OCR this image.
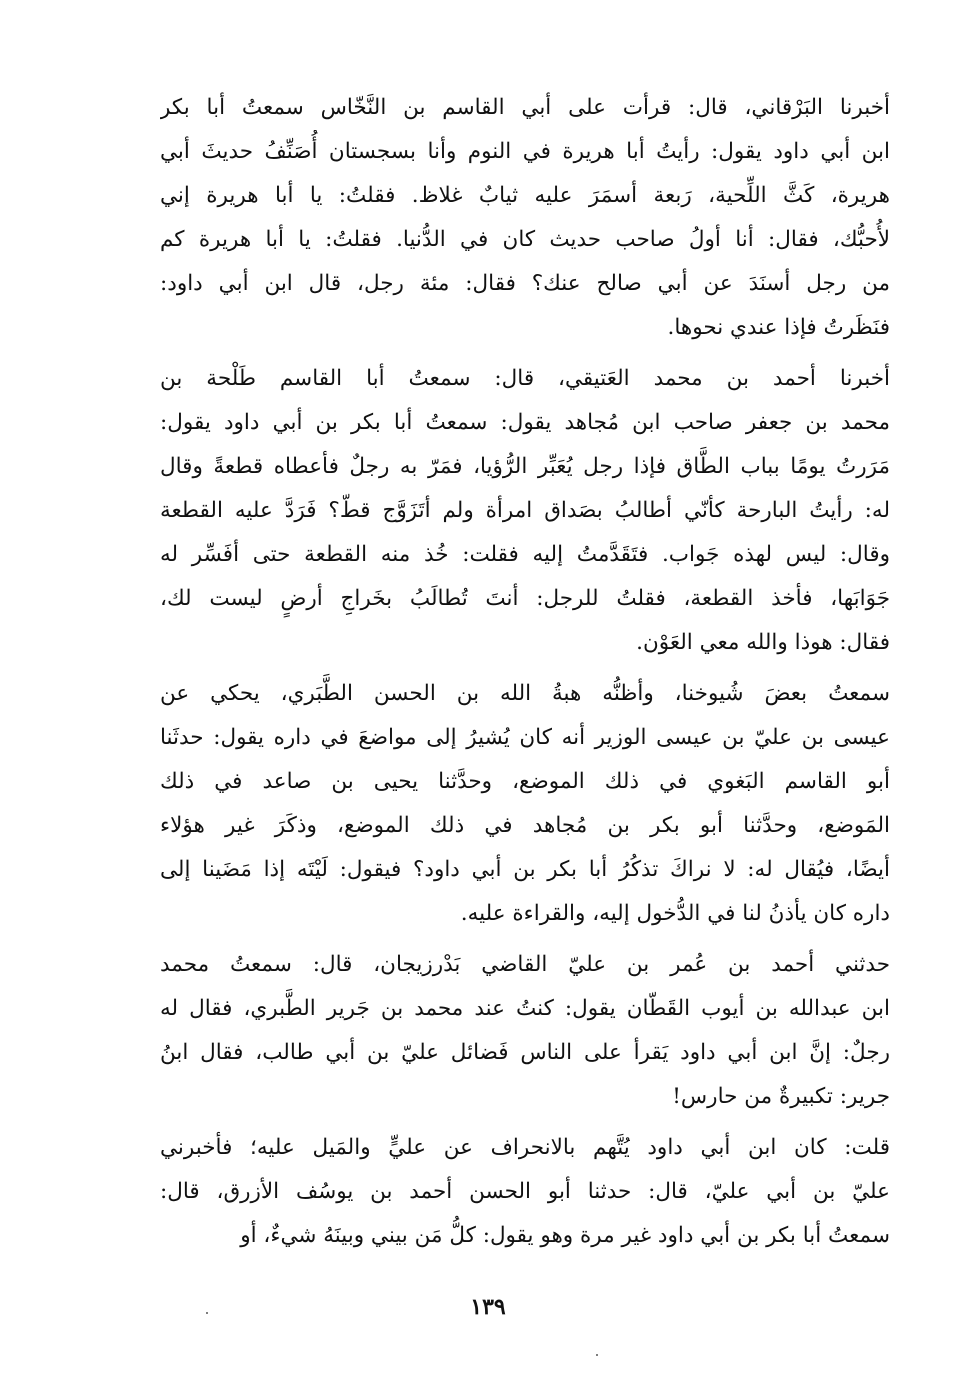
أخبرنا البَرْقاني، قال: قرأت على أبي القاسم بن النَّخّاس سمعتُ أبا بكر
ابن أبي داود يقول: رأيتُ أبا هريرة في النوم وأنا بسجستان أُصَنِّفُ حديثَ أبي
هريرة، كَثَّ اللِّحية، رَبعة أسمَرَ عليه ثيابٌ غلاظ. فقلتُ: يا أبا هريرة إني
لأُحبُّك، فقال: أنا أولُ صاحب حديث كان في الدُّنيا. فقلتُ: يا أبا هريرة كم
من رجل أسنَدَ عن أبي صالح عنك؟ فقال: مئة رجل، قال ابن أبي داود:
فنَظَرتُ فإذا عندي نحوها.
أخبرنا أحمد بن محمد العَتيقي، قال: سمعتُ أبا القاسم طَلْحة بن
محمد بن جعفر صاحب ابن مُجاهد يقول: سمعتُ أبا بكر بن أبي داود يقول:
مَرَرتُ يومًا بباب الطَّاق فإذا رجل يُعَبِّر الرُّؤيا، فمَرّ به رجلٌ فأعطاه قطعةً وقال
له: رأيتُ البارحة كأنّي أطالبُ بصَداق امرأة ولم أتَزَوَّج قطّ؟ فَرَدَّ عليه القطعة
وقال: ليس لهذه جَواب. فتَقَدَّمتُ إليه فقلت: خُذ منه القطعة حتى أفَسِّر له
جَوَابَها، فأخذ القطعة، فقلتُ للرجل: أنتَ تُطالَبُ بخَراجِ أرضٍ ليست لك،
فقال: هوذا والله معي العَوْن.
سمعتُ بعضَ شُيوخنا، وأظنُّه هبةُ الله بن الحسن الطَّبَري، يحكي عن
عيسى بن عليّ بن عيسى الوزير أنه كان يُشيرُ إلى مواضعَ في داره يقول: حدثَنا
أبو القاسم البَغوي في ذلك الموضع، وحدَّثنا يحيى بن صاعد في ذلك
المَوضع، وحدَّثنا أبو بكر بن مُجاهد في ذلك الموضع، وذكَرَ غير هؤلاء
أيضًا، فيُقال له: لا نراكَ تذكُرُ أبا بكر بن أبي داود؟ فيقول: لَيْتَه إذا مَضَينا إلى
داره كان يأذنُ لنا في الدُّخول إليه، والقراءة عليه.
حدثني أحمد بن عُمر بن عليّ القاضي بَدْرزيجان، قال: سمعتُ محمد
ابن عبدالله بن أيوب القَطّان يقول: كنتُ عند محمد بن جَرير الطَّبري، فقال له
رجلٌ: إنَّ ابن أبي داود يَقرأ على الناس فَضائل عليّ بن أبي طالب، فقال ابنُ
جرير: تكبيرةٌ من حارس!
قلت: كان ابن أبي داود يُتَّهم بالانحراف عن عليٍّ والمَيل عليه؛ فأخبرني
عليّ بن أبي عليّ، قال: حدثنا أبو الحسن أحمد بن يوسُف الأزرق، قال:
سمعتُ أبا بكر بن أبي داود غير مرة وهو يقول: كلُّ مَن بيني وبينَهُ شيءٌ، أو
١٣٩
